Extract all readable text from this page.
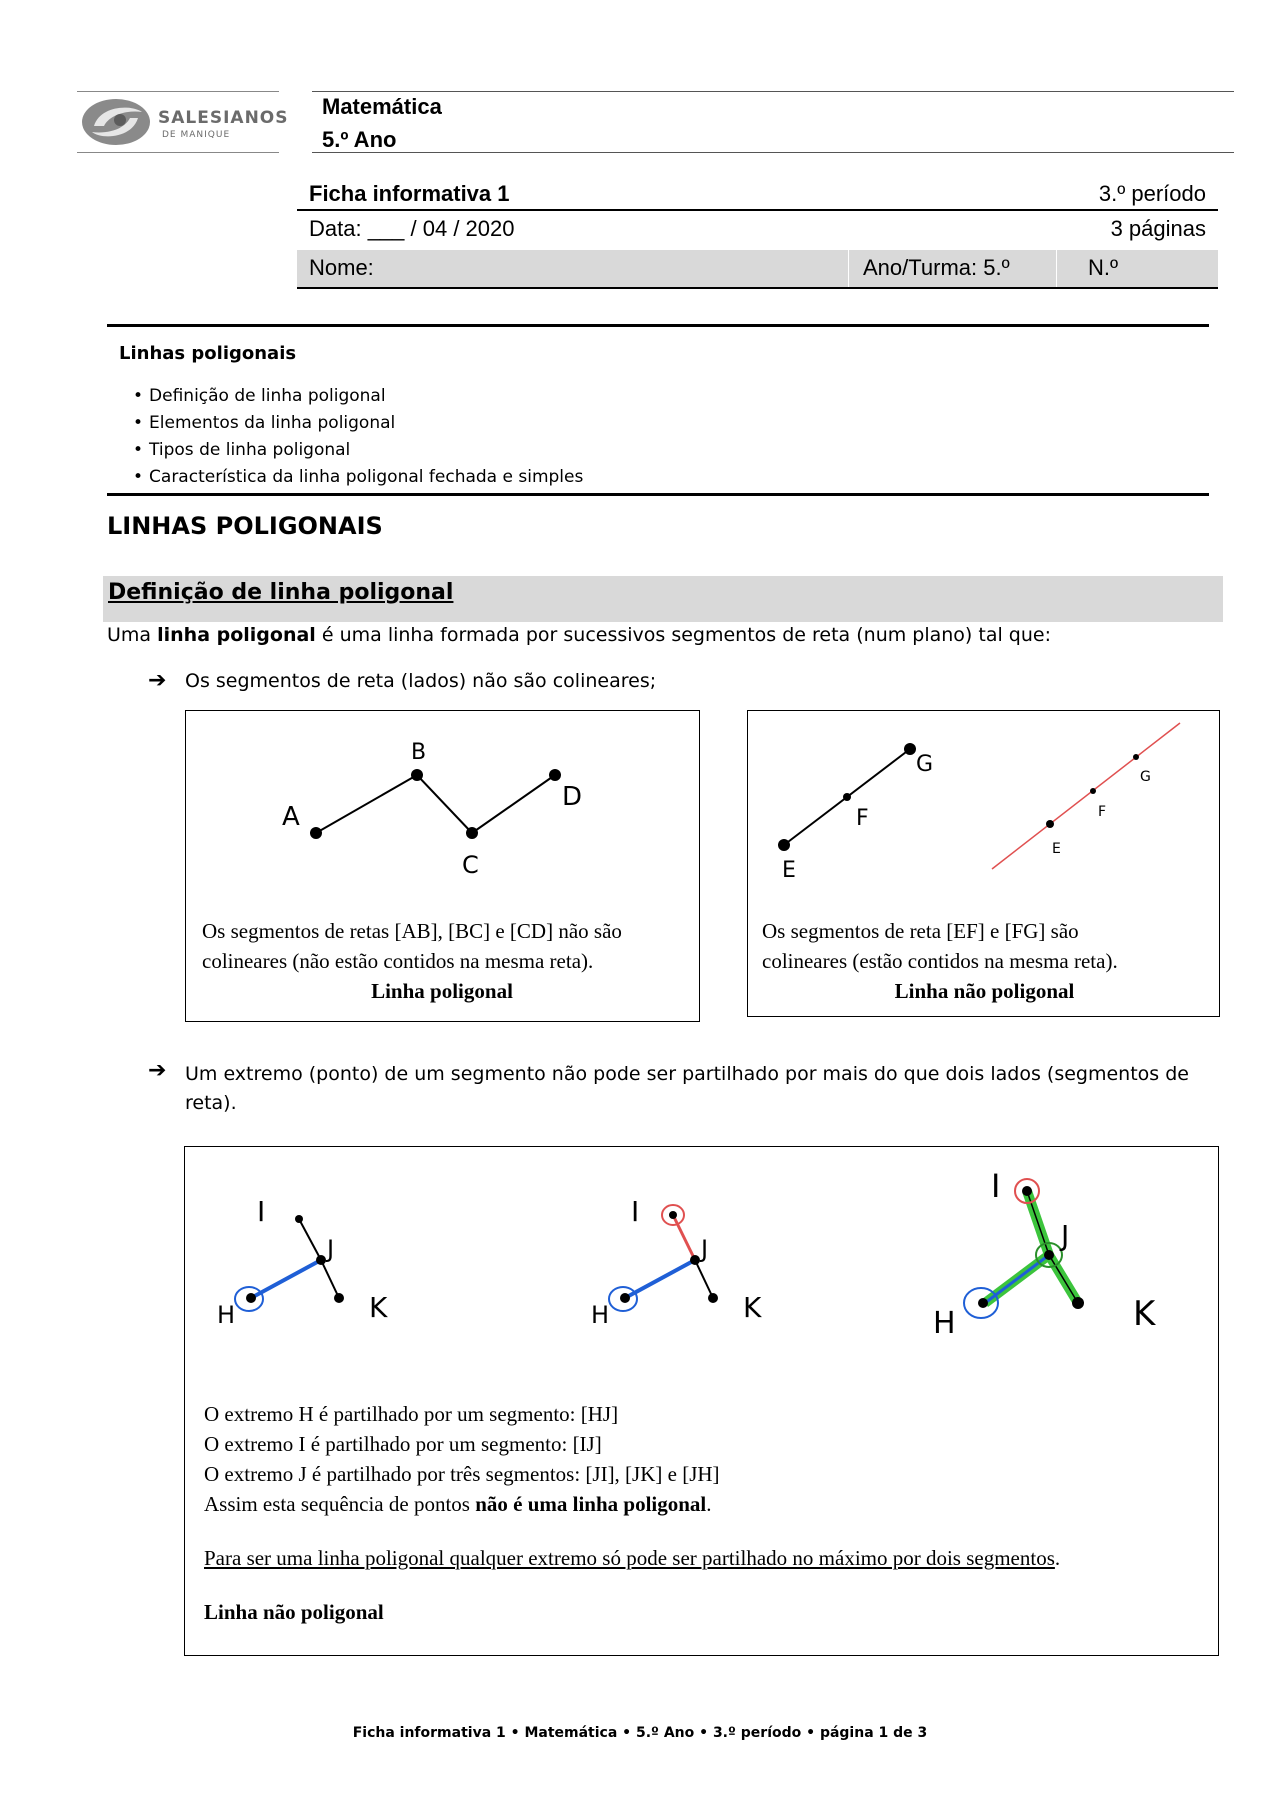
SALESIANOS
DE MANIQUE
Matemática
5.º Ano
Ficha informativa 1	3.º período
Data: ___ / 04 / 2020	3 páginas
Nome:	Ano/Turma: 5.º	N.º
Linhas poligonais
• Definição de linha poligonal
• Elementos da linha poligonal
• Tipos de linha poligonal
• Característica da linha poligonal fechada e simples
LINHAS POLIGONAIS
Definição de linha poligonal
Uma linha poligonal é uma linha formada por sucessivos segmentos de reta (num plano) tal que:
➔ Os segmentos de reta (lados) não são colineares;
A
B
C
D
Os segmentos de retas [AB], [BC] e [CD] não são
colineares (não estão contidos na mesma reta).
Linha poligonal
E
F
G
E
F
G
Os segmentos de reta [EF] e [FG] são
colineares (estão contidos na mesma reta).
Linha não poligonal
➔ Um extremo (ponto) de um segmento não pode ser partilhado por mais do que dois lados (segmentos de
reta).
I
J
H	K
I
J
H	K
I
J
H	K
O extremo H é partilhado por um segmento: [HJ]
O extremo I é partilhado por um segmento: [IJ]
O extremo J é partilhado por três segmentos: [JI], [JK] e [JH]
Assim esta sequência de pontos não é uma linha poligonal.
Para ser uma linha poligonal qualquer extremo só pode ser partilhado no máximo por dois segmentos.
Linha não poligonal
Ficha informativa 1 • Matemática • 5.º Ano • 3.º período • página 1 de 3
